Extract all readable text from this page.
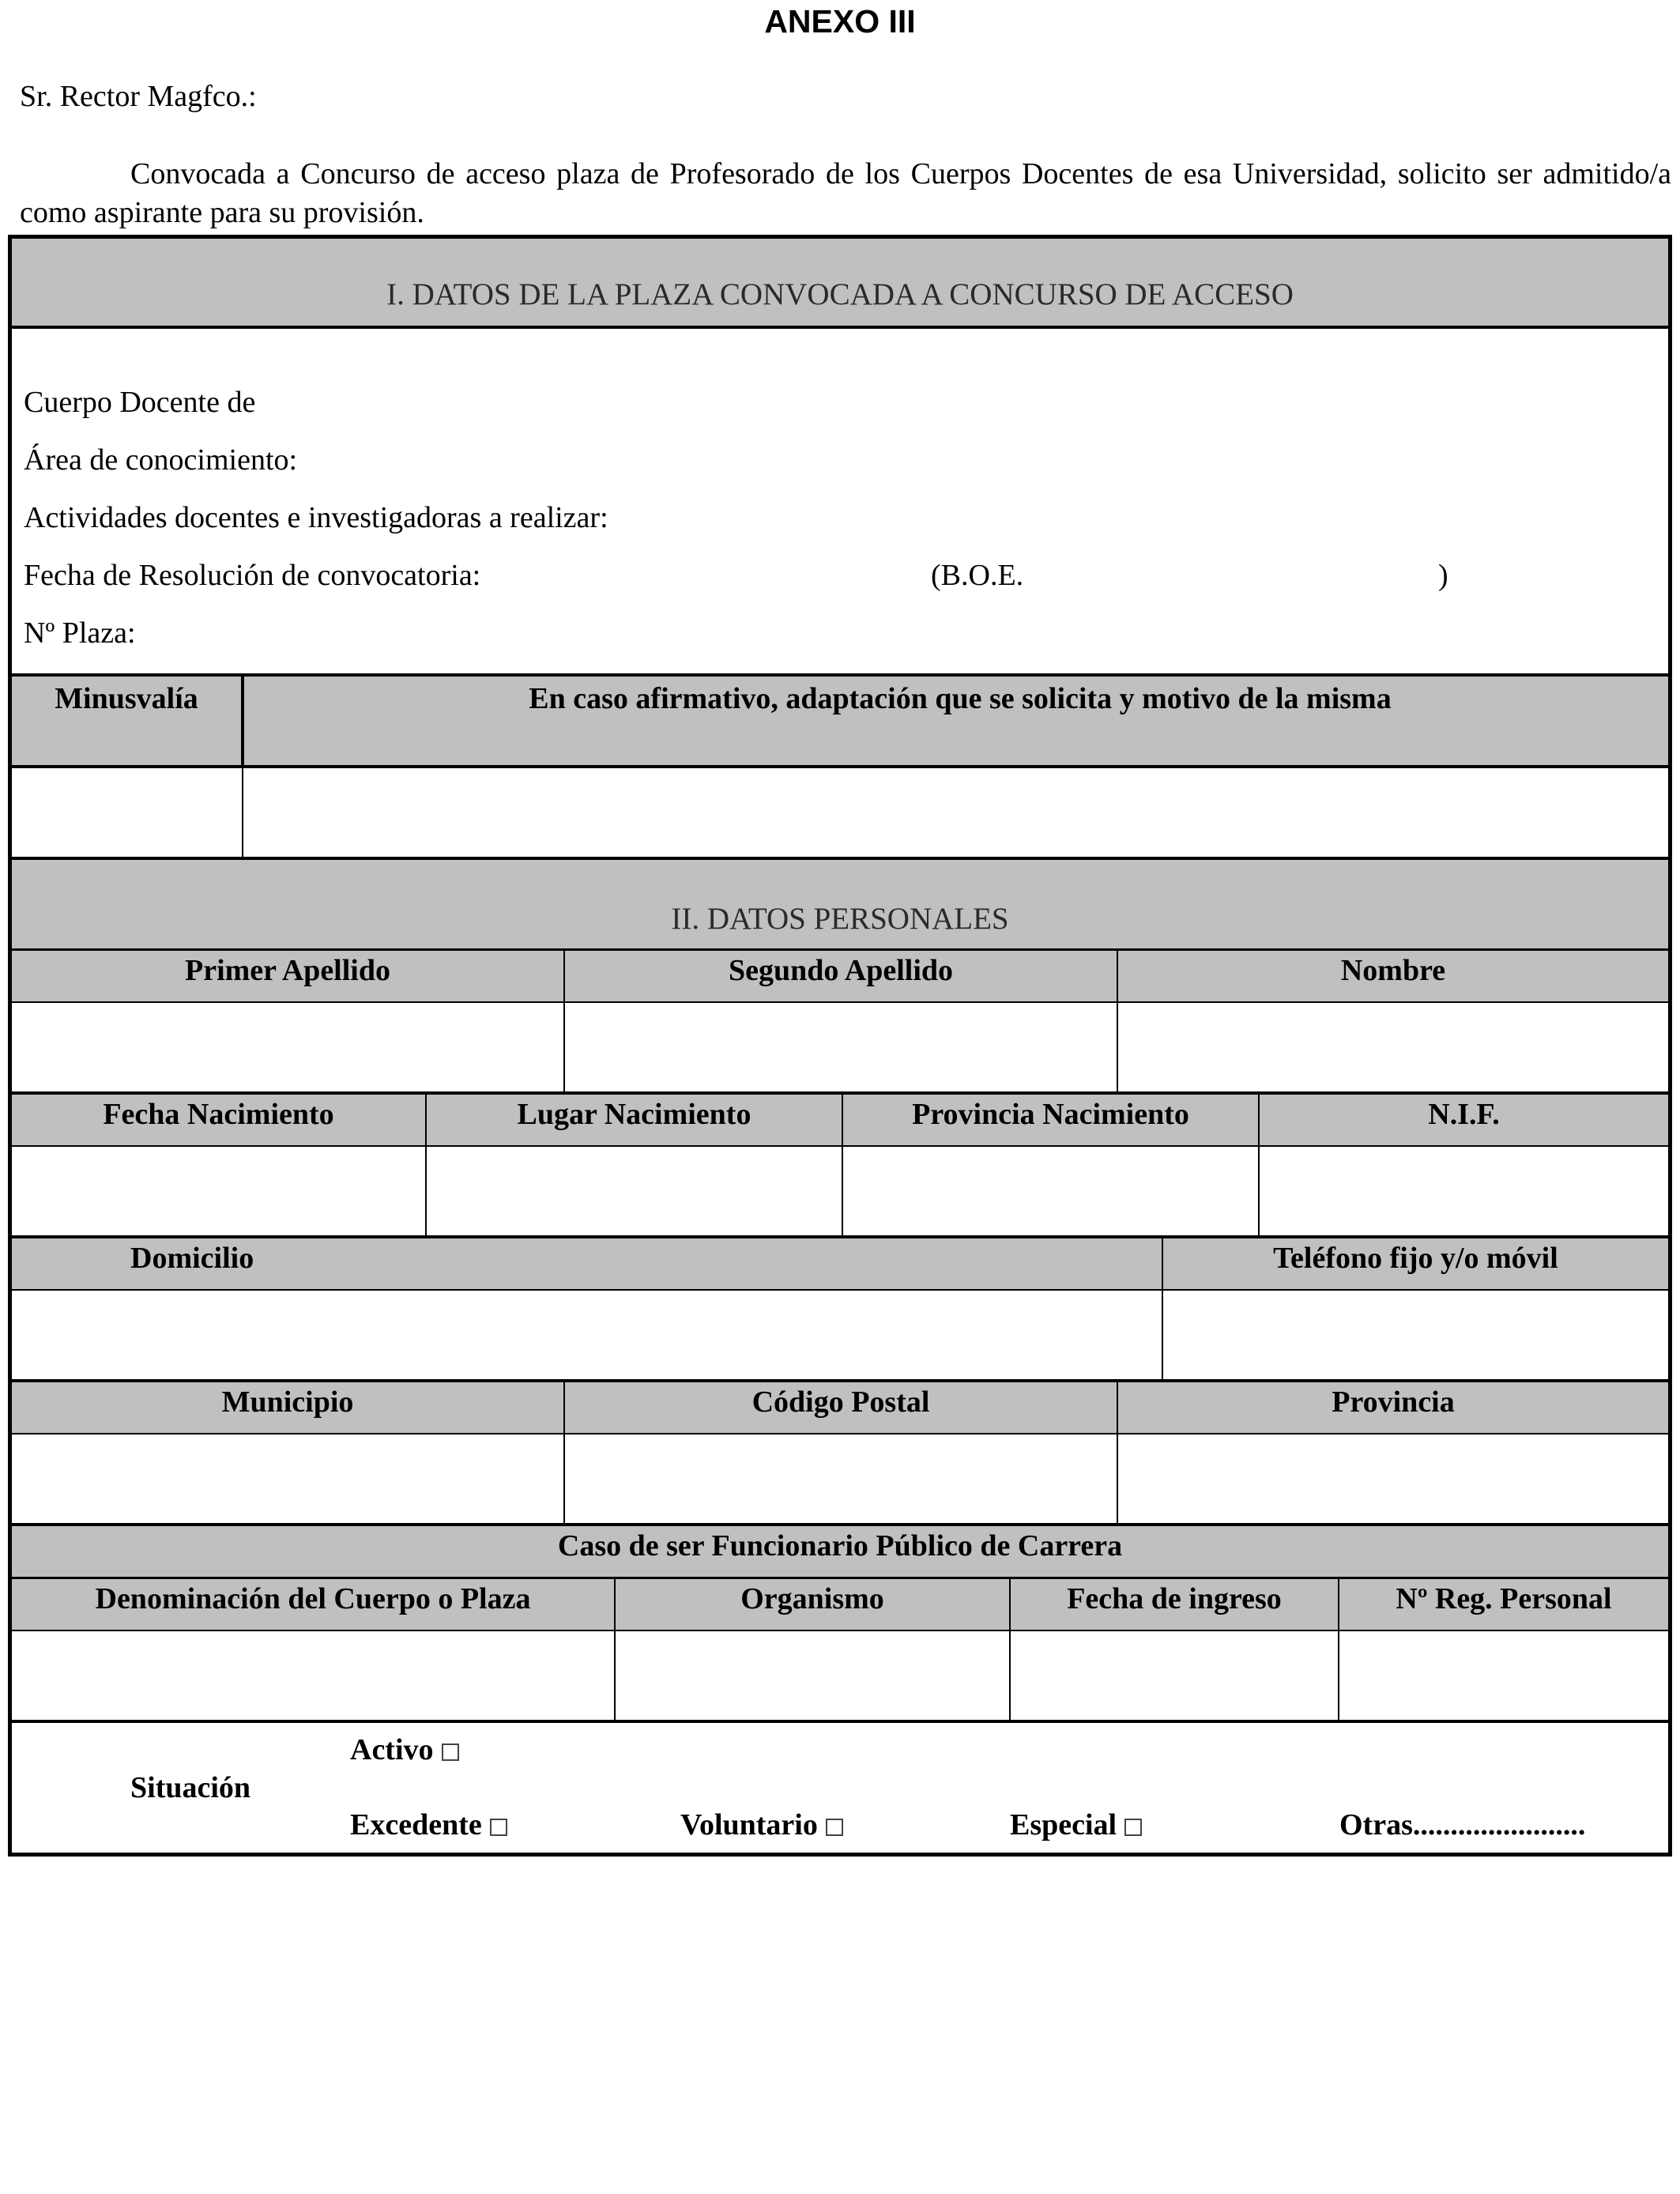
ANEXO III
Sr. Rector Magfco.:
Convocada a Concurso de acceso plaza de Profesorado de los Cuerpos Docentes de esa Universidad, solicito ser admitido/a como aspirante para su provisión.
I. DATOS DE LA PLAZA CONVOCADA A CONCURSO DE ACCESO
Cuerpo Docente de
Área de conocimiento:
Actividades docentes e investigadoras a realizar:
Fecha de Resolución de convocatoria:	(B.O.E.	)
Nº Plaza:
Minusvalía	En caso afirmativo, adaptación que se solicita y motivo de la misma
II. DATOS PERSONALES
Primer Apellido	Segundo Apellido	Nombre
Fecha Nacimiento	Lugar Nacimiento	Provincia Nacimiento	N.I.F.
Domicilio	Teléfono fijo y/o móvil
Municipio	Código Postal	Provincia
Caso de ser Funcionario Público de Carrera
Denominación del Cuerpo o Plaza	Organismo	Fecha de ingreso	Nº Reg. Personal
Situación
Activo
Excedente	Voluntario	Especial	Otras.......................
